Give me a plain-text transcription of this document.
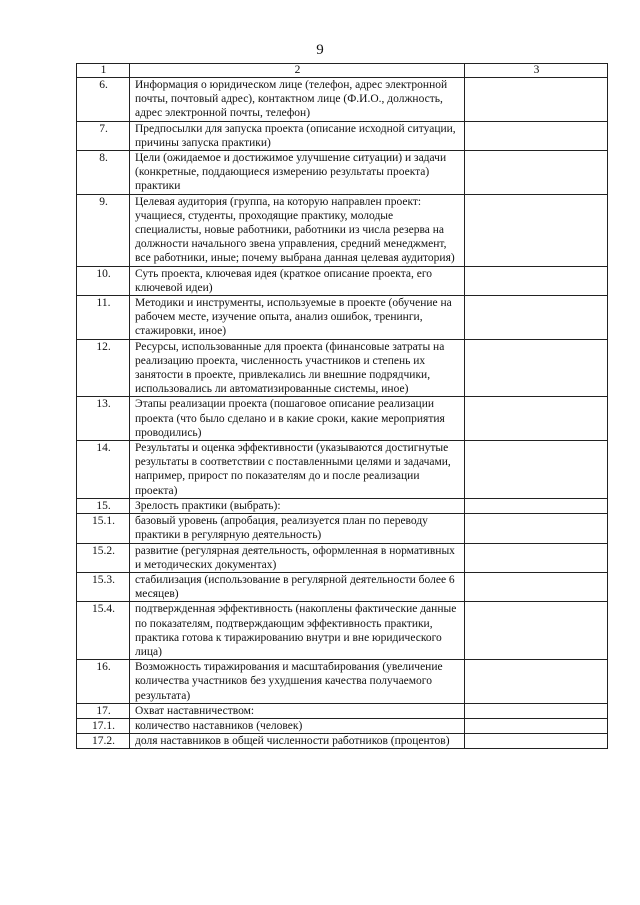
9
1	2	3
6.	Информация о юридическом лице (телефон, адрес электронной почты, почтовый адрес), контактном лице (Ф.И.О., должность, адрес электронной почты, телефон)	
7.	Предпосылки для запуска проекта (описание исходной ситуации, причины запуска практики)	
8.	Цели (ожидаемое и достижимое улучшение ситуации) и задачи (конкретные, поддающиеся измерению результаты проекта) практики	
9.	Целевая аудитория (группа, на которую направлен проект: учащиеся, студенты, проходящие практику, молодые специалисты, новые работники, работники из числа резерва на должности начального звена управления, средний менеджмент, все работники, иные; почему выбрана данная целевая аудитория)	
10.	Суть проекта, ключевая идея (краткое описание проекта, его ключевой идеи)	
11.	Методики и инструменты, используемые в проекте (обучение на рабочем месте, изучение опыта, анализ ошибок, тренинги, стажировки, иное)	
12.	Ресурсы, использованные для проекта (финансовые затраты на реализацию проекта, численность участников и степень их занятости в проекте, привлекались ли внешние подрядчики, использовались ли автоматизированные системы, иное)	
13.	Этапы реализации проекта (пошаговое описание реализации проекта (что было сделано и в какие сроки, какие мероприятия проводились)	
14.	Результаты и оценка эффективности (указываются достигнутые результаты в соответствии с поставленными целями и задачами, например, прирост по показателям до и после реализации проекта)	
15.	Зрелость практики (выбрать):	
15.1.	базовый уровень (апробация, реализуется план по переводу практики в регулярную деятельность)	
15.2.	развитие (регулярная деятельность, оформленная в нормативных и методических документах)	
15.3.	стабилизация (использование в регулярной деятельности более 6 месяцев)	
15.4.	подтвержденная эффективность (накоплены фактические данные по показателям, подтверждающим эффективность практики, практика готова к тиражированию внутри и вне юридического лица)	
16.	Возможность тиражирования и масштабирования (увеличение количества участников без ухудшения качества получаемого результата)	
17.	Охват наставничеством:	
17.1.	количество наставников (человек)	
17.2.	доля наставников в общей численности работников (процентов)	
